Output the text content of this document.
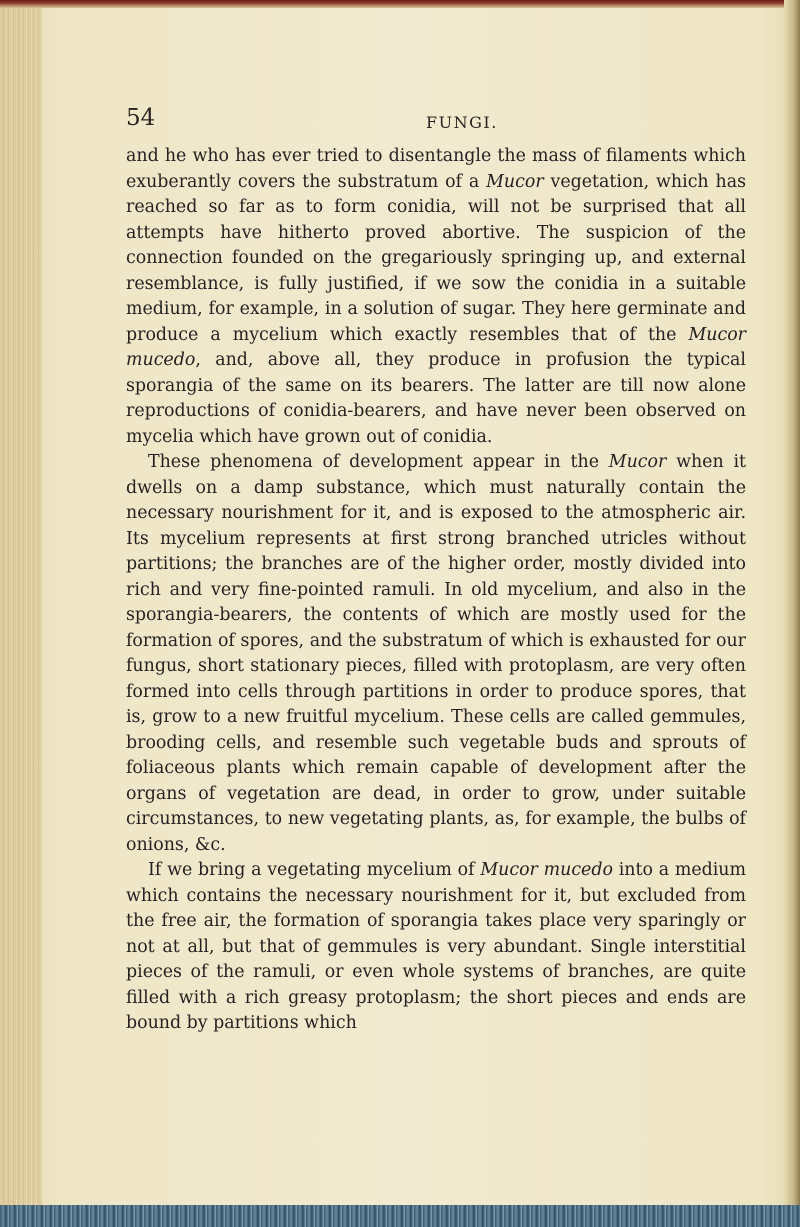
54	FUNGI.

and he who has ever tried to disentangle the mass of filaments which exuberantly covers the substratum of a Mucor vegetation, which has reached so far as to form conidia, will not be surprised that all attempts have hitherto proved abortive. The suspicion of the connection founded on the gregariously springing up, and external resemblance, is fully justified, if we sow the conidia in a suitable medium, for example, in a solution of sugar. They here germinate and produce a mycelium which exactly resembles that of the Mucor mucedo, and, above all, they produce in profusion the typical sporangia of the same on its bearers. The latter are till now alone reproductions of conidia-bearers, and have never been observed on mycelia which have grown out of conidia.

These phenomena of development appear in the Mucor when it dwells on a damp substance, which must naturally contain the necessary nourishment for it, and is exposed to the atmospheric air. Its mycelium represents at first strong branched utricles without partitions; the branches are of the higher order, mostly divided into rich and very fine-pointed ramuli. In old mycelium, and also in the sporangia-bearers, the contents of which are mostly used for the formation of spores, and the substratum of which is exhausted for our fungus, short stationary pieces, filled with protoplasm, are very often formed into cells through partitions in order to produce spores, that is, grow to a new fruitful mycelium. These cells are called gemmules, brooding cells, and resemble such vegetable buds and sprouts of foliaceous plants which remain capable of development after the organs of vegetation are dead, in order to grow, under suitable circumstances, to new vegetating plants, as, for example, the bulbs of onions, &c.

If we bring a vegetating mycelium of Mucor mucedo into a medium which contains the necessary nourishment for it, but excluded from the free air, the formation of sporangia takes place very sparingly or not at all, but that of gemmules is very abundant. Single interstitial pieces of the ramuli, or even whole systems of branches, are quite filled with a rich greasy protoplasm; the short pieces and ends are bound by partitions which
